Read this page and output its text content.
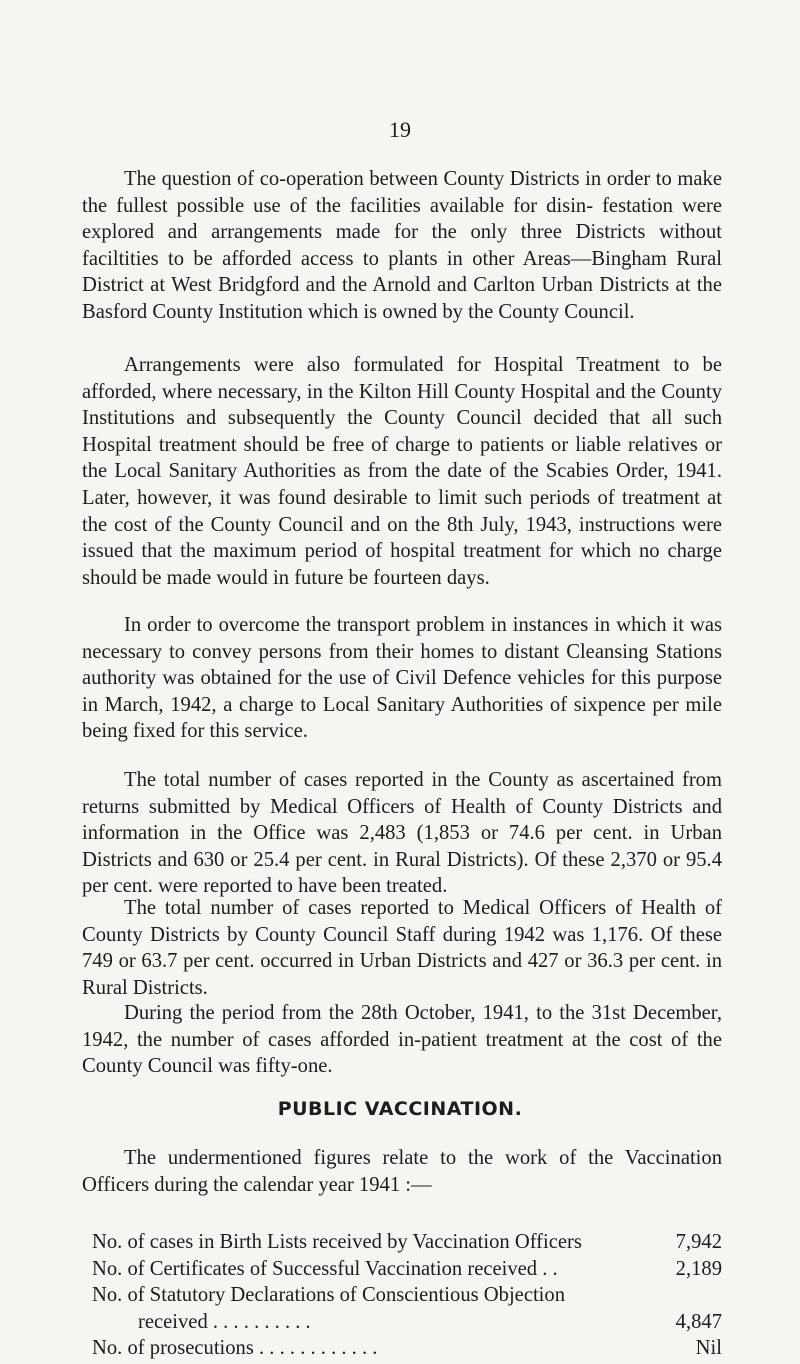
19

The question of co-operation between County Districts in order to make the fullest possible use of the facilities available for disin- festation were explored and arrangements made for the only three Districts without faciltities to be afforded access to plants in other Areas—Bingham Rural District at West Bridgford and the Arnold and Carlton Urban Districts at the Basford County Institution which is owned by the County Council.

Arrangements were also formulated for Hospital Treatment to be afforded, where necessary, in the Kilton Hill County Hospital and the County Institutions and subsequently the County Council decided that all such Hospital treatment should be free of charge to patients or liable relatives or the Local Sanitary Authorities as from the date of the Scabies Order, 1941. Later, however, it was found desirable to limit such periods of treatment at the cost of the County Council and on the 8th July, 1943, instructions were issued that the maximum period of hospital treatment for which no charge should be made would in future be fourteen days.

In order to overcome the transport problem in instances in which it was necessary to convey persons from their homes to distant Cleansing Stations authority was obtained for the use of Civil Defence vehicles for this purpose in March, 1942, a charge to Local Sanitary Authorities of sixpence per mile being fixed for this service.

The total number of cases reported in the County as ascertained from returns submitted by Medical Officers of Health of County Districts and information in the Office was 2,483 (1,853 or 74.6 per cent. in Urban Districts and 630 or 25.4 per cent. in Rural Districts). Of these 2,370 or 95.4 per cent. were reported to have been treated.

The total number of cases reported to Medical Officers of Health of County Districts by County Council Staff during 1942 was 1,176. Of these 749 or 63.7 per cent. occurred in Urban Districts and 427 or 36.3 per cent. in Rural Districts.

During the period from the 28th October, 1941, to the 31st December, 1942, the number of cases afforded in-patient treatment at the cost of the County Council was fifty-one.

PUBLIC VACCINATION.

The undermentioned figures relate to the work of the Vaccination Officers during the calendar year 1941 :—

No. of cases in Birth Lists received by Vaccination Officers	7,942
No. of Certificates of Successful Vaccination received . .	2,189
No. of Statutory Declarations of Conscientious Objection
received . . . . . . . . . .	4,847
No. of prosecutions . . . . . . . . . . . .	Nil
